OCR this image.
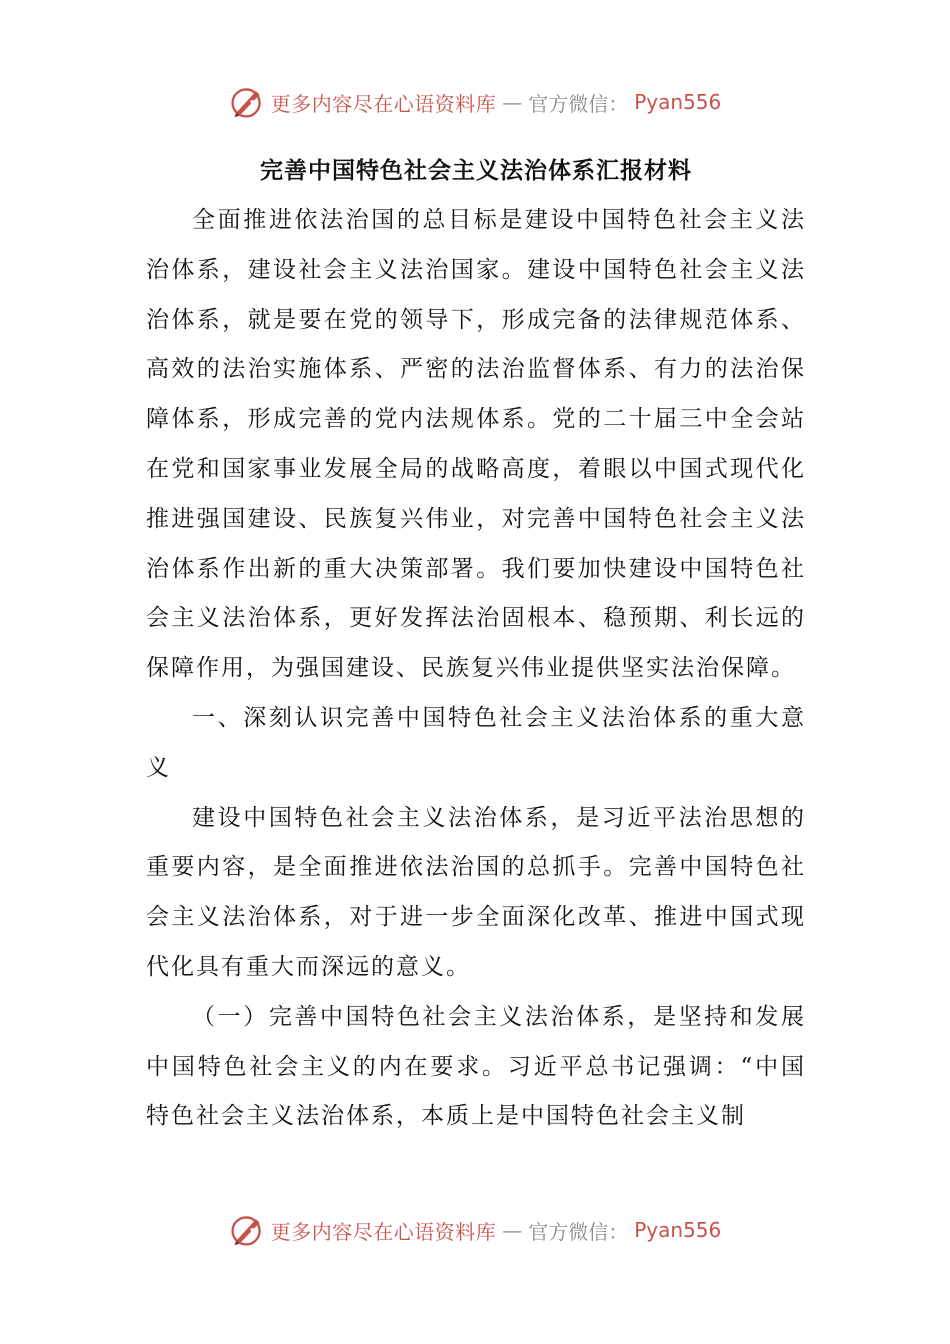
更多内容尽在心语资料库 — 官方微信： Pyan556
完善中国特色社会主义法治体系汇报材料

全面推进依法治国的总目标是建设中国特色社会主义法治体系，建设社会主义法治国家。建设中国特色社会主义法治体系，就是要在党的领导下，形成完备的法律规范体系、高效的法治实施体系、严密的法治监督体系、有力的法治保障体系，形成完善的党内法规体系。党的二十届三中全会站在党和国家事业发展全局的战略高度，着眼以中国式现代化推进强国建设、民族复兴伟业，对完善中国特色社会主义法治体系作出新的重大决策部署。我们要加快建设中国特色社会主义法治体系，更好发挥法治固根本、稳预期、利长远的保障作用，为强国建设、民族复兴伟业提供坚实法治保障。

一、深刻认识完善中国特色社会主义法治体系的重大意义

建设中国特色社会主义法治体系，是习近平法治思想的重要内容，是全面推进依法治国的总抓手。完善中国特色社会主义法治体系，对于进一步全面深化改革、推进中国式现代化具有重大而深远的意义。

（一）完善中国特色社会主义法治体系，是坚持和发展中国特色社会主义的内在要求。习近平总书记强调：“中国特色社会主义法治体系，本质上是中国特色社会主义制

更多内容尽在心语资料库 — 官方微信： Pyan556
